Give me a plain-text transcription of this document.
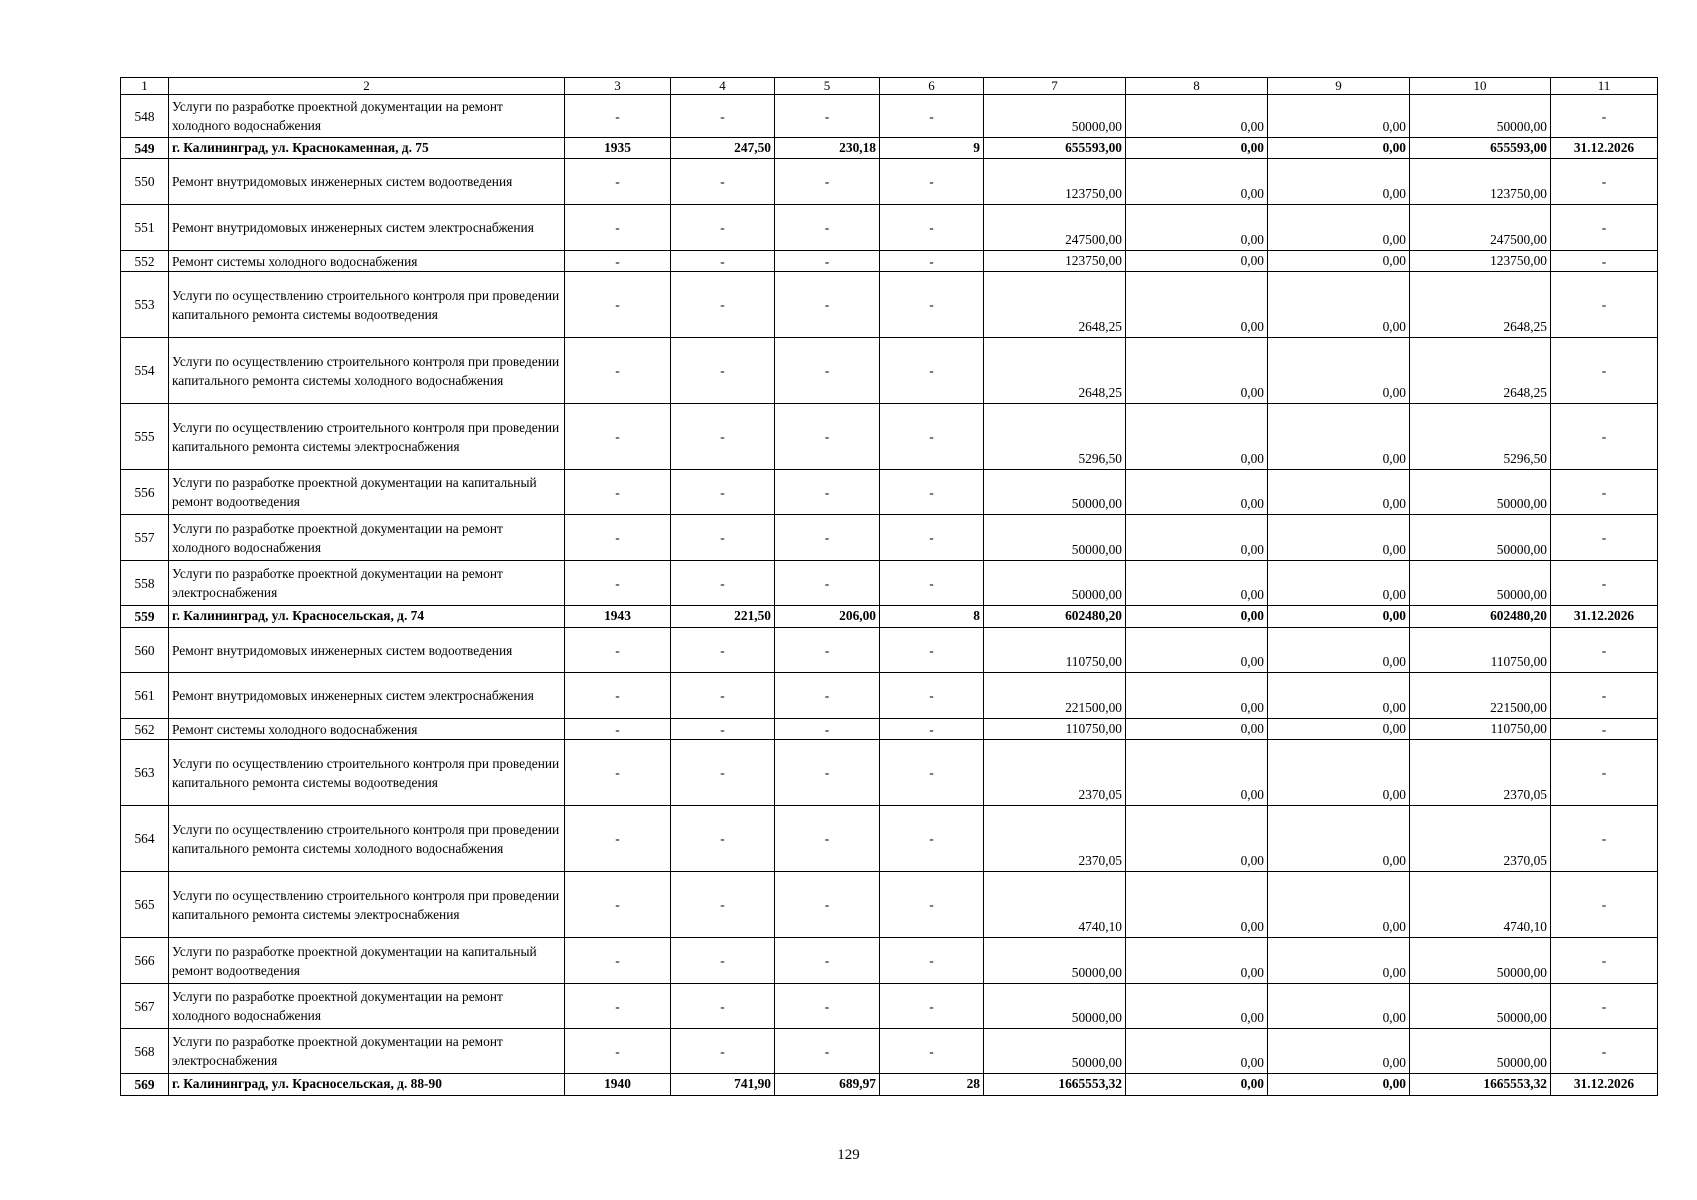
1	2	3	4	5	6	7	8	9	10	11
548	Услуги по разработке проектной документации на ремонт холодного водоснабжения	-	-	-	-	50000,00	0,00	0,00	50000,00	-
549	г. Калининград, ул. Краснокаменная, д. 75	1935	247,50	230,18	9	655593,00	0,00	0,00	655593,00	31.12.2026
550	Ремонт внутридомовых инженерных систем водоотведения	-	-	-	-	123750,00	0,00	0,00	123750,00	-
551	Ремонт внутридомовых инженерных систем электроснабжения	-	-	-	-	247500,00	0,00	0,00	247500,00	-
552	Ремонт системы холодного водоснабжения	-	-	-	-	123750,00	0,00	0,00	123750,00	-
553	Услуги по осуществлению строительного контроля при проведении капитального ремонта системы водоотведения	-	-	-	-	2648,25	0,00	0,00	2648,25	-
554	Услуги по осуществлению строительного контроля при проведении капитального ремонта системы холодного водоснабжения	-	-	-	-	2648,25	0,00	0,00	2648,25	-
555	Услуги по осуществлению строительного контроля при проведении капитального ремонта системы электроснабжения	-	-	-	-	5296,50	0,00	0,00	5296,50	-
556	Услуги по разработке проектной документации на капитальный ремонт водоотведения	-	-	-	-	50000,00	0,00	0,00	50000,00	-
557	Услуги по разработке проектной документации на ремонт холодного водоснабжения	-	-	-	-	50000,00	0,00	0,00	50000,00	-
558	Услуги по разработке проектной документации на ремонт электроснабжения	-	-	-	-	50000,00	0,00	0,00	50000,00	-
559	г. Калининград, ул. Красносельская, д. 74	1943	221,50	206,00	8	602480,20	0,00	0,00	602480,20	31.12.2026
560	Ремонт внутридомовых инженерных систем водоотведения	-	-	-	-	110750,00	0,00	0,00	110750,00	-
561	Ремонт внутридомовых инженерных систем электроснабжения	-	-	-	-	221500,00	0,00	0,00	221500,00	-
562	Ремонт системы холодного водоснабжения	-	-	-	-	110750,00	0,00	0,00	110750,00	-
563	Услуги по осуществлению строительного контроля при проведении капитального ремонта системы водоотведения	-	-	-	-	2370,05	0,00	0,00	2370,05	-
564	Услуги по осуществлению строительного контроля при проведении капитального ремонта системы холодного водоснабжения	-	-	-	-	2370,05	0,00	0,00	2370,05	-
565	Услуги по осуществлению строительного контроля при проведении капитального ремонта системы электроснабжения	-	-	-	-	4740,10	0,00	0,00	4740,10	-
566	Услуги по разработке проектной документации на капитальный ремонт водоотведения	-	-	-	-	50000,00	0,00	0,00	50000,00	-
567	Услуги по разработке проектной документации на ремонт холодного водоснабжения	-	-	-	-	50000,00	0,00	0,00	50000,00	-
568	Услуги по разработке проектной документации на ремонт электроснабжения	-	-	-	-	50000,00	0,00	0,00	50000,00	-
569	г. Калининград, ул. Красносельская, д. 88-90	1940	741,90	689,97	28	1665553,32	0,00	0,00	1665553,32	31.12.2026
129
